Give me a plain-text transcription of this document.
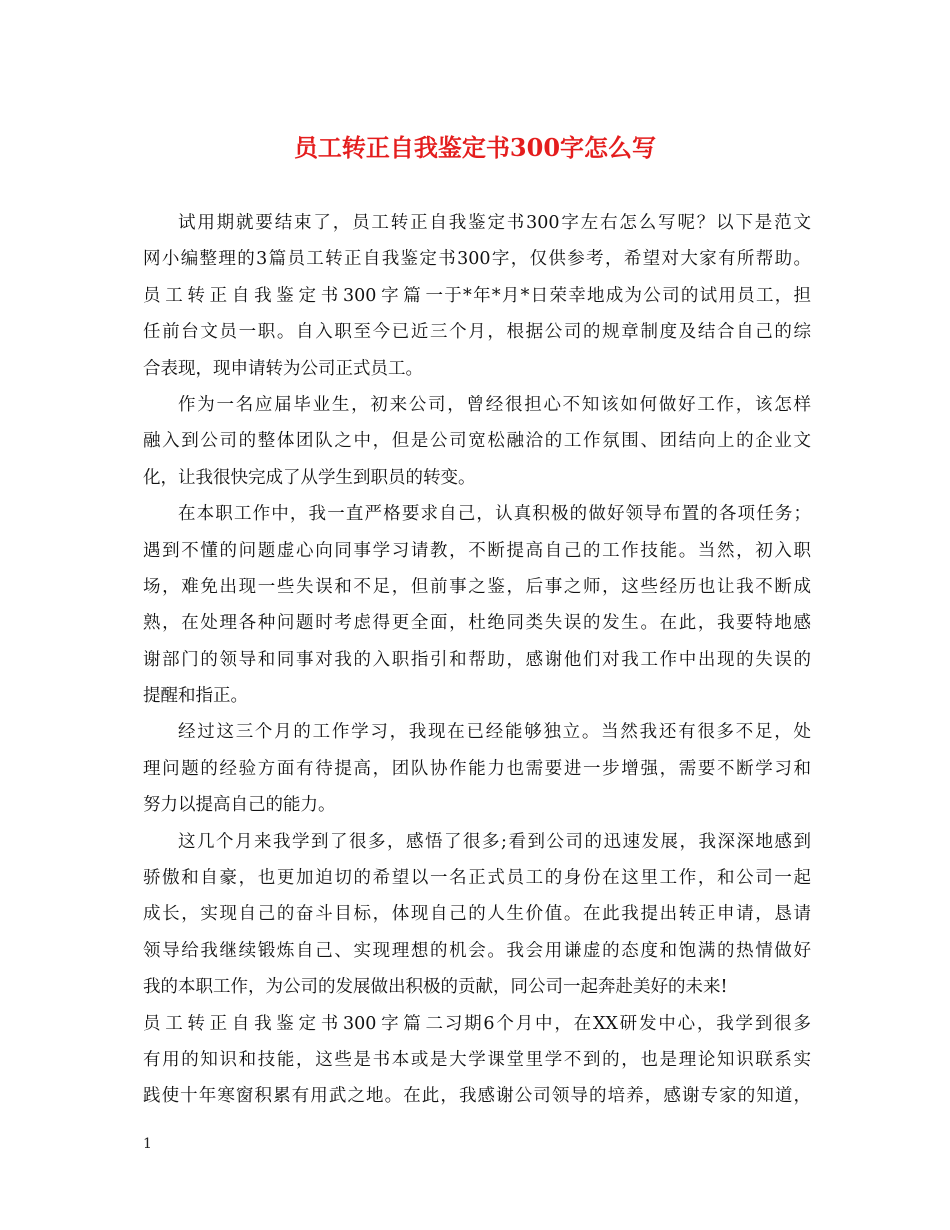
员工转正自我鉴定书300字怎么写
试用期就要结束了，员工转正自我鉴定书300字左右怎么写呢？以下是范文
网小编整理的3篇员工转正自我鉴定书300字，仅供参考，希望对大家有所帮助。
员工转正自我鉴定书300字篇一于*年*月*日荣幸地成为公司的试用员工，担
任前台文员一职。自入职至今已近三个月，根据公司的规章制度及结合自己的综
合表现，现申请转为公司正式员工。
作为一名应届毕业生，初来公司，曾经很担心不知该如何做好工作，该怎样
融入到公司的整体团队之中，但是公司宽松融洽的工作氛围、团结向上的企业文
化，让我很快完成了从学生到职员的转变。
在本职工作中，我一直严格要求自己，认真积极的做好领导布置的各项任务；
遇到不懂的问题虚心向同事学习请教，不断提高自己的工作技能。当然，初入职
场，难免出现一些失误和不足，但前事之鉴，后事之师，这些经历也让我不断成
熟，在处理各种问题时考虑得更全面，杜绝同类失误的发生。在此，我要特地感
谢部门的领导和同事对我的入职指引和帮助，感谢他们对我工作中出现的失误的
提醒和指正。
经过这三个月的工作学习，我现在已经能够独立。当然我还有很多不足，处
理问题的经验方面有待提高，团队协作能力也需要进一步增强，需要不断学习和
努力以提高自己的能力。
这几个月来我学到了很多，感悟了很多;看到公司的迅速发展，我深深地感到
骄傲和自豪，也更加迫切的希望以一名正式员工的身份在这里工作，和公司一起
成长，实现自己的奋斗目标，体现自己的人生价值。在此我提出转正申请，恳请
领导给我继续锻炼自己、实现理想的机会。我会用谦虚的态度和饱满的热情做好
我的本职工作，为公司的发展做出积极的贡献，同公司一起奔赴美好的未来!
员工转正自我鉴定书300字篇二习期6个月中，在XX研发中心，我学到很多
有用的知识和技能，这些是书本或是大学课堂里学不到的，也是理论知识联系实
践使十年寒窗积累有用武之地。在此，我感谢公司领导的培养，感谢专家的知道，
1
